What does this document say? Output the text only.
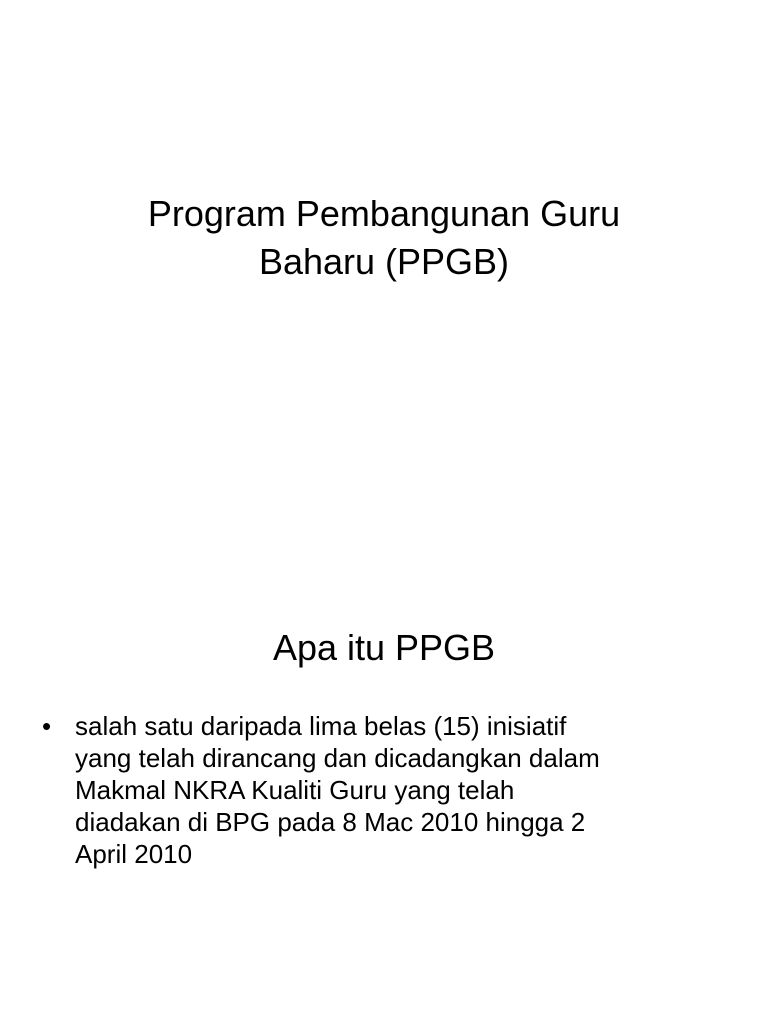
Program Pembangunan Guru
Baharu (PPGB)
Apa itu PPGB
• salah satu daripada lima belas (15) inisiatif
yang telah dirancang dan dicadangkan dalam
Makmal NKRA Kualiti Guru yang telah
diadakan di BPG pada 8 Mac 2010 hingga 2
April 2010
